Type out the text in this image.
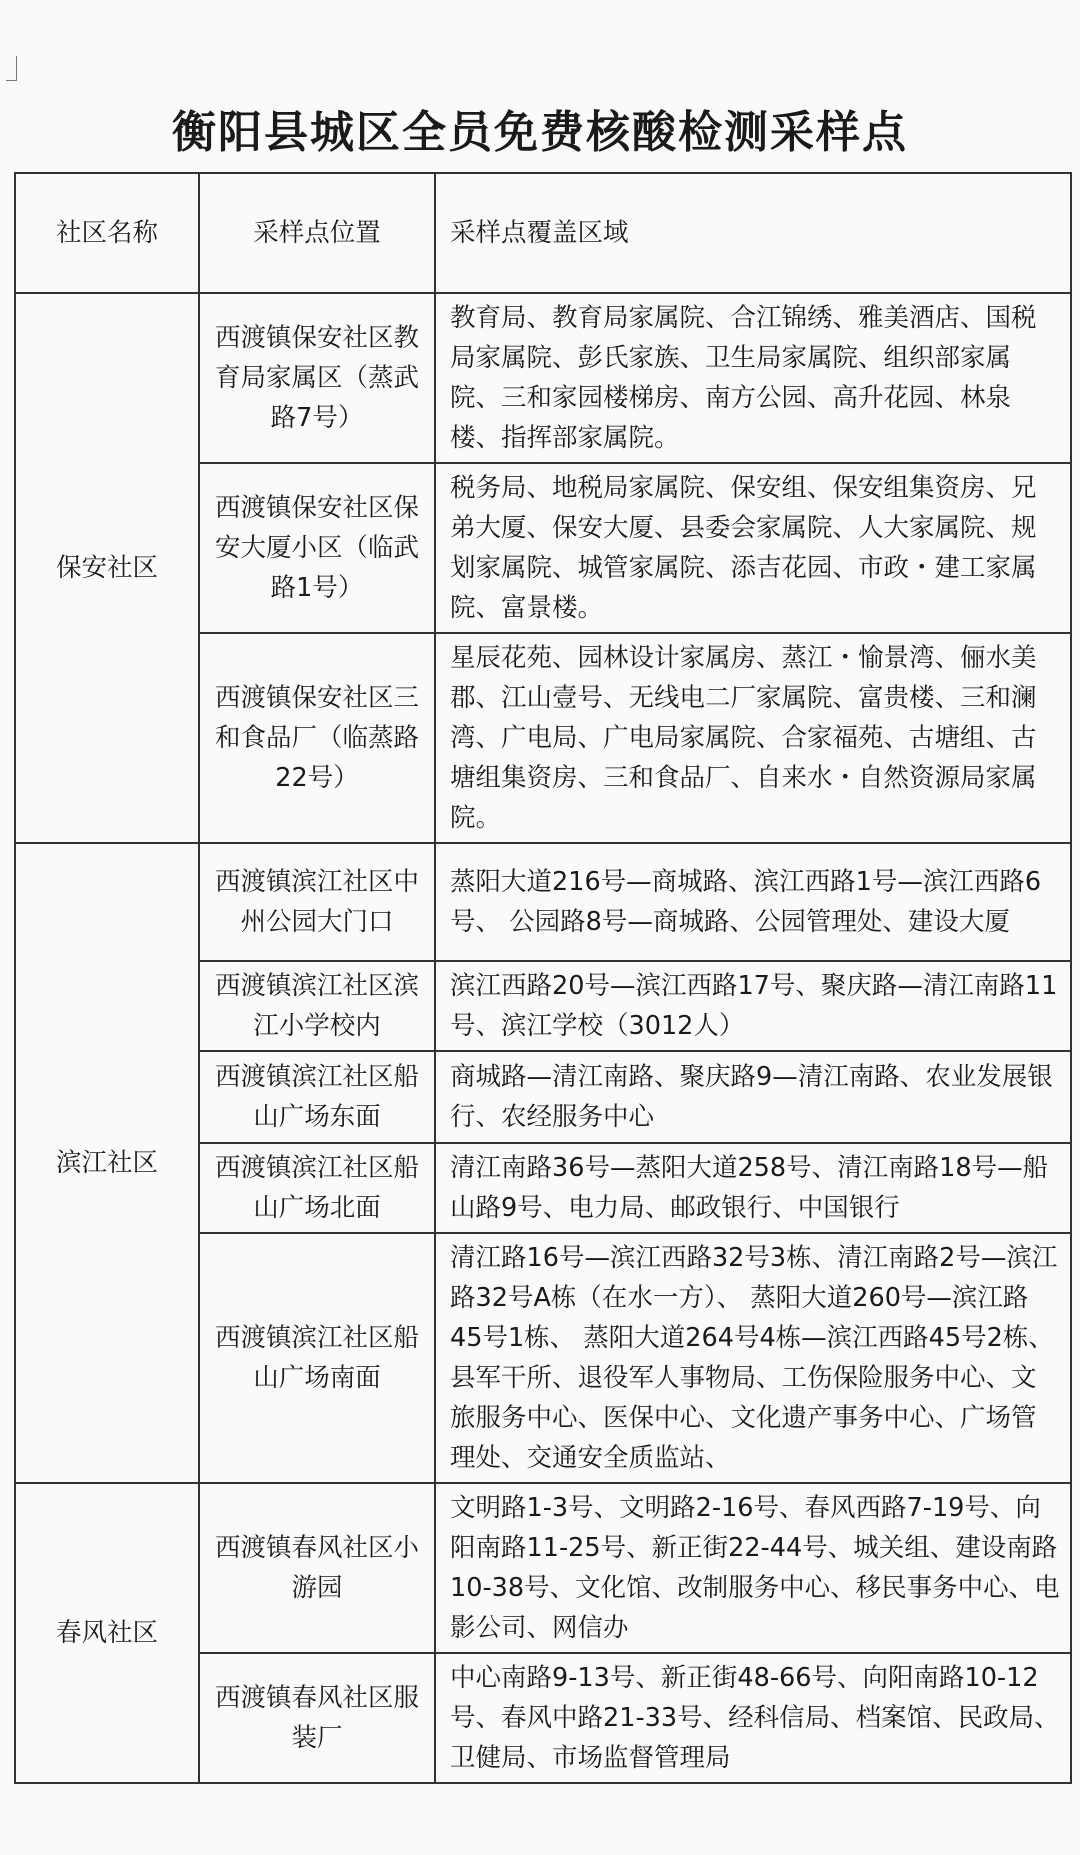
衡阳县城区全员免费核酸检测采样点
社区名称	采样点位置	采样点覆盖区域
保安社区	西渡镇保安社区教育局家属区（蒸武路7号）	教育局、教育局家属院、合江锦绣、雅美酒店、国税局家属院、彭氏家族、卫生局家属院、组织部家属院、三和家园楼梯房、南方公园、高升花园、林泉楼、指挥部家属院。
	西渡镇保安社区保安大厦小区（临武路1号）	税务局、地税局家属院、保安组、保安组集资房、兄弟大厦、保安大厦、县委会家属院、人大家属院、规划家属院、城管家属院、添吉花园、市政・建工家属院、富景楼。
	西渡镇保安社区三和食品厂（临蒸路22号）	星辰花苑、园林设计家属房、蒸江・愉景湾、俪水美郡、江山壹号、无线电二厂家属院、富贵楼、三和澜湾、广电局、广电局家属院、合家福苑、古塘组、古塘组集资房、三和食品厂、自来水・自然资源局家属院。
滨江社区	西渡镇滨江社区中州公园大门口	蒸阳大道216号—商城路、滨江西路1号—滨江西路6号、 公园路8号—商城路、公园管理处、建设大厦
	西渡镇滨江社区滨江小学校内	滨江西路20号—滨江西路17号、聚庆路—清江南路11号、滨江学校（3012人）
	西渡镇滨江社区船山广场东面	商城路—清江南路、聚庆路9—清江南路、农业发展银行、农经服务中心
	西渡镇滨江社区船山广场北面	清江南路36号—蒸阳大道258号、清江南路18号—船山路9号、电力局、邮政银行、中国银行
	西渡镇滨江社区船山广场南面	清江路16号—滨江西路32号3栋、清江南路2号—滨江路32号A栋（在水一方）、 蒸阳大道260号—滨江路45号1栋、 蒸阳大道264号4栋—滨江西路45号2栋、县军干所、退役军人事物局、工伤保险服务中心、文旅服务中心、医保中心、文化遗产事务中心、广场管理处、交通安全质监站、
春风社区	西渡镇春风社区小游园	文明路1-3号、文明路2-16号、春风西路7-19号、向阳南路11-25号、新正街22-44号、城关组、建设南路10-38号、文化馆、改制服务中心、移民事务中心、电影公司、网信办
	西渡镇春风社区服装厂	中心南路9-13号、新正街48-66号、向阳南路10-12号、春风中路21-33号、经科信局、档案馆、民政局、卫健局、市场监督管理局
